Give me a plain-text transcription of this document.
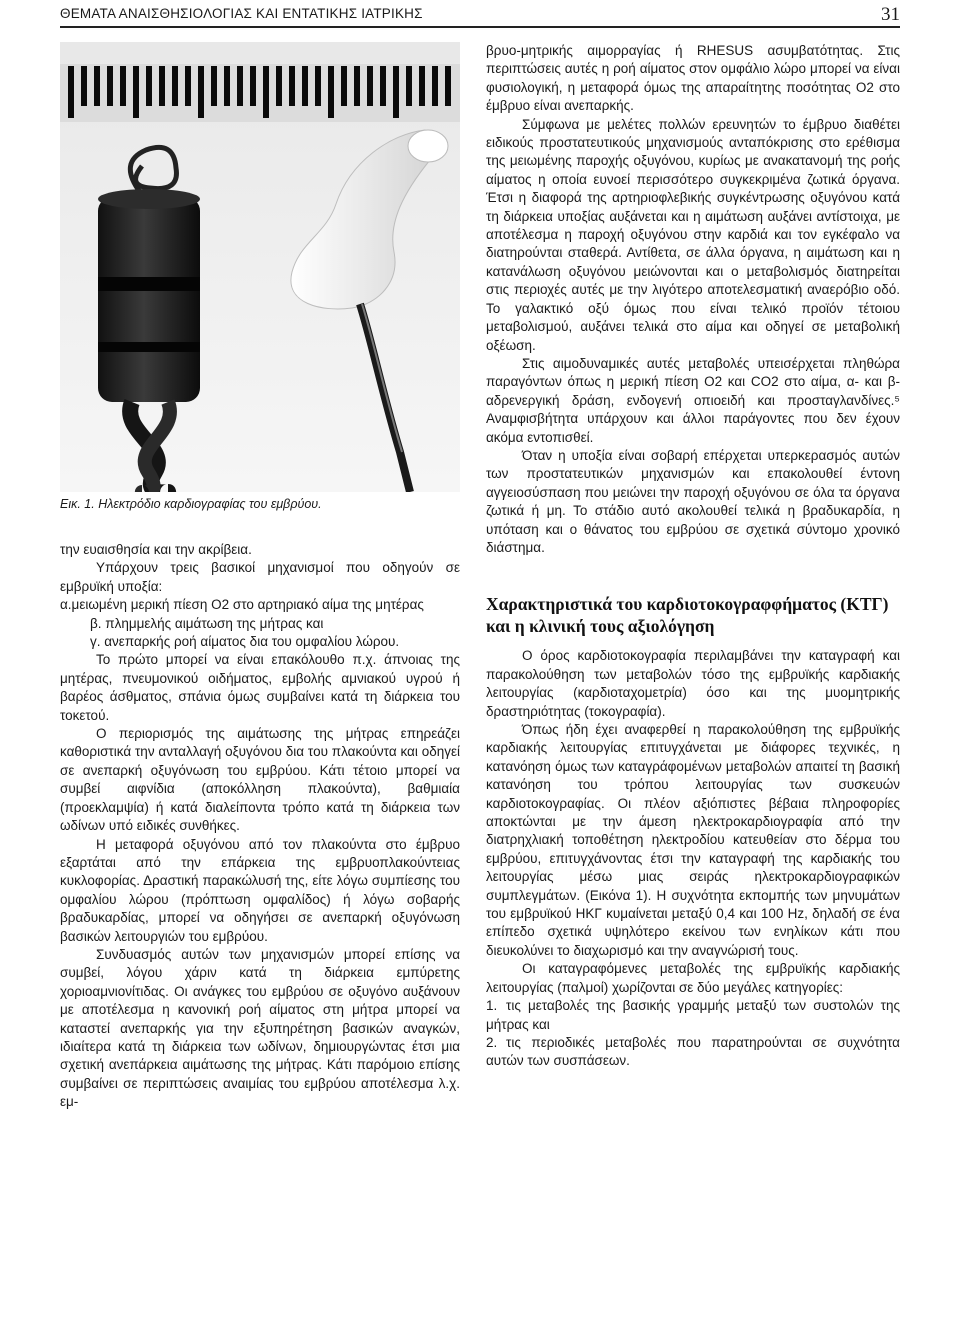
ΘΕΜΑΤΑ ΑΝΑΙΣΘΗΣΙΟΛΟΓΙΑΣ ΚΑΙ ΕΝΤΑΤΙΚΗΣ ΙΑΤΡΙΚΗΣ	31
Εικ. 1. Ηλεκτρόδιο καρδιογραφίας του εμβρύου.

την ευαισθησία και την ακρίβεια.

Υπάρχουν τρεις βασικοί μηχανισμοί που οδηγούν σε εμβρυϊκή υποξία:

α.μειωμένη μερική πίεση O2 στο αρτηριακό αίμα της μητέρας

β. πλημμελής αιμάτωση της μήτρας και

γ. ανεπαρκής ροή αίματος δια του ομφαλίου λώρου.

Το πρώτο μπορεί να είναι επακόλουθο π.χ. άπνοιας της μητέρας, πνευμονικού οιδήματος, εμβολής αμνιακού υγρού ή βαρέος άσθματος, σπάνια όμως συμβαίνει κατά τη διάρκεια του τοκετού.

Ο περιορισμός της αιμάτωσης της μήτρας επηρεάζει καθοριστικά την ανταλλαγή οξυγόνου δια του πλακούντα και οδηγεί σε ανεπαρκή οξυγόνωση του εμβρύου. Κάτι τέτοιο μπορεί να συμβεί αιφνίδια (αποκόλληση πλακούντα), βαθμιαία (προεκλαμψία) ή κατά διαλείποντα τρόπο κατά τη διάρκεια των ωδίνων υπό ειδικές συνθήκες.

Η μεταφορά οξυγόνου από τον πλακούντα στο έμβρυο εξαρτάται από την επάρκεια της εμβρυοπλακούντειας κυκλοφορίας. Δραστική παρακώλυσή της, είτε λόγω συμπίεσης του ομφαλίου λώρου (πρόπτωση ομφαλίδος) ή λόγω σοβαρής βραδυκαρδίας, μπορεί να οδηγήσει σε ανεπαρκή οξυγόνωση βασικών λειτουργιών του εμβρύου.

Συνδυασμός αυτών των μηχανισμών μπορεί επίσης να συμβεί, λόγου χάριν κατά τη διάρκεια εμπύρετης χοριοαμνιονίτιδας. Οι ανάγκες του εμβρύου σε οξυγόνο αυξάνουν με αποτέλεσμα η κανονική ροή αίματος στη μήτρα μπορεί να καταστεί ανεπαρκής για την εξυπηρέτηση βασικών αναγκών, ιδιαίτερα κατά τη διάρκεια των ωδίνων, δημιουργώντας έτσι μια σχετική ανεπάρκεια αιμάτωσης της μήτρας. Κάτι παρόμοιο επίσης συμβαίνει σε περιπτώσεις αναιμίας του εμβρύου αποτέλεσμα λ.χ. εμ-

βρυο-μητρικής αιμορραγίας ή RHESUS ασυμβατότητας. Στις περιπτώσεις αυτές η ροή αίματος στον ομφάλιο λώρο μπορεί να είναι φυσιολογική, η μεταφορά όμως της απαραίτητης ποσότητας O2 στο έμβρυο είναι ανεπαρκής.

Σύμφωνα με μελέτες πολλών ερευνητών το έμβρυο διαθέτει ειδικούς προστατευτικούς μηχανισμούς ανταπόκρισης στο ερέθισμα της μειωμένης παροχής οξυγόνου, κυρίως με ανακατανομή της ροής αίματος η οποία ευνοεί περισσότερο συγκεκριμένα ζωτικά όργανα. Έτσι η διαφορά της αρτηριοφλεβικής συγκέντρωσης οξυγόνου κατά τη διάρκεια υποξίας αυξάνεται και η αιμάτωση αυξάνει αντίστοιχα, με αποτέλεσμα η παροχή οξυγόνου στην καρδιά και τον εγκέφαλο να διατηρούνται σταθερά. Αντίθετα, σε άλλα όργανα, η αιμάτωση και η κατανάλωση οξυγόνου μειώνονται και ο μεταβολισμός διατηρείται στις περιοχές αυτές με την λιγότερο αποτελεσματική αναερόβιο οδό. Το γαλακτικό οξύ όμως που είναι τελικό προϊόν τέτοιου μεταβολισμού, αυξάνει τελικά στο αίμα και οδηγεί σε μεταβολική οξέωση.

Στις αιμοδυναμικές αυτές μεταβολές υπεισέρχεται πληθώρα παραγόντων όπως η μερική πίεση O2 και CO2 στο αίμα, α- και β- αδρενεργική δράση, ενδογενή οπιοειδή και προσταγλανδίνες.⁵ Αναμφισβήτητα υπάρχουν και άλλοι παράγοντες που δεν έχουν ακόμα εντοπισθεί.

Όταν η υποξία είναι σοβαρή επέρχεται υπερκερασμός αυτών των προστατευτικών μηχανισμών και επακολουθεί έντονη αγγειοσύσπαση που μειώνει την παροχή οξυγόνου σε όλα τα όργανα ζωτικά ή μη. Το στάδιο αυτό ακολουθεί τελικά η βραδυκαρδία, η υπόταση και ο θάνατος του εμβρύου σε σχετικά σύντομο χρονικό διάστημα.

Χαρακτηριστικά του καρδιοτοκογραφφήματος (ΚΤΓ) και η κλινική τους αξιολόγηση

Ο όρος καρδιοτοκογραφία περιλαμβάνει την καταγραφή και παρακολούθηση των μεταβολών τόσο της εμβρυϊκής καρδιακής λειτουργίας (καρδιοταχομετρία) όσο και της μυομητρικής δραστηριότητας (τοκογραφία).

Όπως ήδη έχει αναφερθεί η παρακολούθηση της εμβρυϊκής καρδιακής λειτουργίας επιτυγχάνεται με διάφορες τεχνικές, η κατανόηση όμως των καταγράφομένων μεταβολών απαιτεί τη βασική κατανόηση του τρόπου λειτουργίας των συσκευών καρδιοτοκογραφίας. Οι πλέον αξιόπιστες βέβαια πληροφορίες αποκτώνται με την άμεση ηλεκτροκαρδιογραφία από την διατρηχλιακή τοποθέτηση ηλεκτροδίου κατευθείαν στο δέρμα του εμβρύου, επιτυγχάνοντας έτσι την καταγραφή της καρδιακής του λειτουργίας μέσω μιας σειράς ηλεκτροκαρδιογραφικών συμπλεγμάτων. (Εικόνα 1). Η συχνότητα εκπομπής των μηνυμάτων του εμβρυϊκού ΗΚΓ κυμαίνεται μεταξύ 0,4 και 100 Hz, δηλαδή σε ένα επίπεδο σχετικά υψηλότερο εκείνου των ενηλίκων κάτι που διευκολύνει το διαχωρισμό και την αναγνώρισή τους.

Οι καταγραφόμενες μεταβολές της εμβρυϊκής καρδιακής λειτουργίας (παλμοί) χωρίζονται σε δύο μεγάλες κατηγορίες:

1. τις μεταβολές της βασικής γραμμής μεταξύ των συστολών της μήτρας και

2. τις περιοδικές μεταβολές που παρατηρούνται σε συχνότητα αυτών των συσπάσεων.
